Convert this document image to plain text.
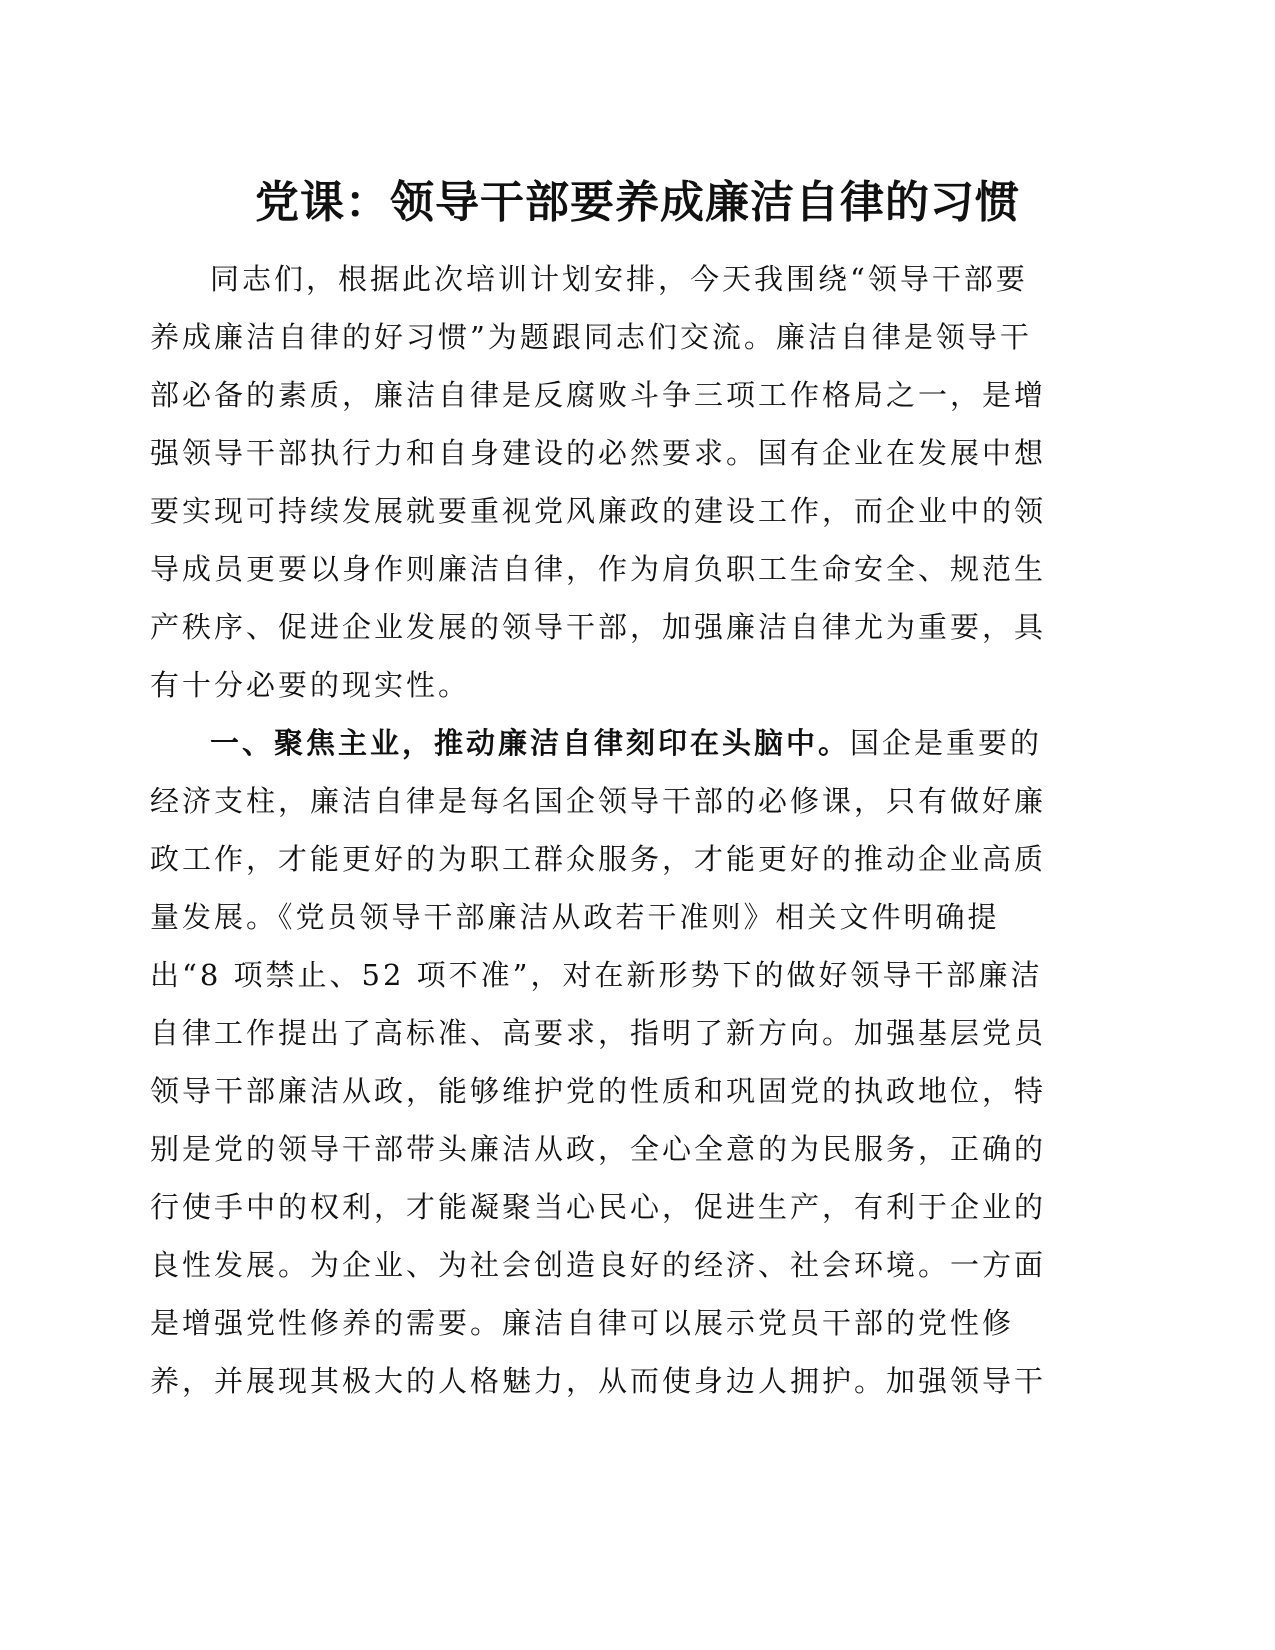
党课：领导干部要养成廉洁自律的习惯
同志们，根据此次培训计划安排，今天我围绕“领导干部要
养成廉洁自律的好习惯”为题跟同志们交流。廉洁自律是领导干
部必备的素质，廉洁自律是反腐败斗争三项工作格局之一，是增
强领导干部执行力和自身建设的必然要求。国有企业在发展中想
要实现可持续发展就要重视党风廉政的建设工作，而企业中的领
导成员更要以身作则廉洁自律，作为肩负职工生命安全、规范生
产秩序、促进企业发展的领导干部，加强廉洁自律尤为重要，具
有十分必要的现实性。
一、聚焦主业，推动廉洁自律刻印在头脑中。国企是重要的
经济支柱，廉洁自律是每名国企领导干部的必修课，只有做好廉
政工作，才能更好的为职工群众服务，才能更好的推动企业高质
量发展。《党员领导干部廉洁从政若干准则》相关文件明确提
出“8 项禁止、52 项不准”，对在新形势下的做好领导干部廉洁
自律工作提出了高标准、高要求，指明了新方向。加强基层党员
领导干部廉洁从政，能够维护党的性质和巩固党的执政地位，特
别是党的领导干部带头廉洁从政，全心全意的为民服务，正确的
行使手中的权利，才能凝聚当心民心，促进生产，有利于企业的
良性发展。为企业、为社会创造良好的经济、社会环境。一方面
是增强党性修养的需要。廉洁自律可以展示党员干部的党性修
养，并展现其极大的人格魅力，从而使身边人拥护。加强领导干
